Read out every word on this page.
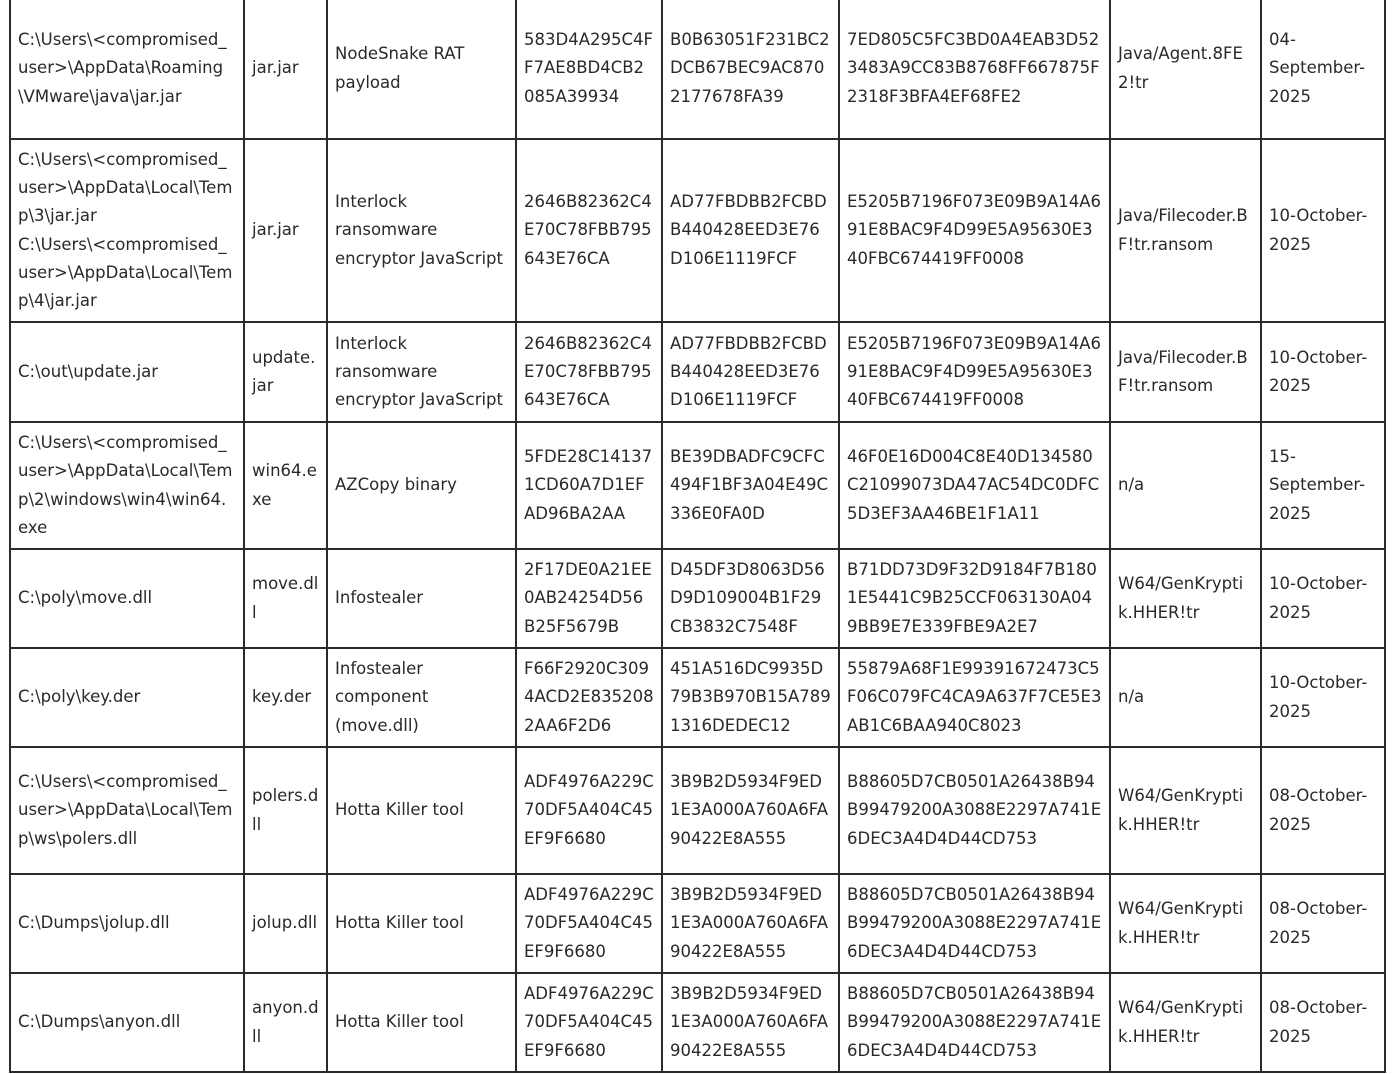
C:\Users\<compromised_user>\AppData\Roaming\VMware\java\jar.jar	jar.jar	NodeSnake RAT payload	583D4A295C4FF7AE8BD4CB2085A39934	B0B63051F231BC2DCB67BEC9AC8702177678FA39	7ED805C5FC3BD0A4EAB3D523483A9CC83B8768FF667875F2318F3BFA4EF68FE2	Java/Agent.8FE2!tr	04-September-2025

C:\Users\<compromised_user>\AppData\Local\Temp\3\jar.jar
C:\Users\<compromised_user>\AppData\Local\Temp\4\jar.jar	jar.jar	Interlock ransomware encryptor JavaScript	2646B82362C4E70C78FBB795643E76CA	AD77FBDBB2FCBDB440428EED3E76D106E1119FCF	E5205B7196F073E09B9A14A691E8BAC9F4D99E5A95630E340FBC674419FF0008	Java/Filecoder.BF!tr.ransom	10-October-2025

C:\out\update.jar	update.jar	Interlock ransomware encryptor JavaScript	2646B82362C4E70C78FBB795643E76CA	AD77FBDBB2FCBDB440428EED3E76D106E1119FCF	E5205B7196F073E09B9A14A691E8BAC9F4D99E5A95630E340FBC674419FF0008	Java/Filecoder.BF!tr.ransom	10-October-2025

C:\Users\<compromised_user>\AppData\Local\Temp\2\windows\win4\win64.exe	win64.exe	AZCopy binary	5FDE28C141371CD60A7D1EFAD96BA2AA	BE39DBADFC9CFC494F1BF3A04E49C336E0FA0D	46F0E16D004C8E40D134580C21099073DA47AC54DC0DFC5D3EF3AA46BE1F1A11	n/a	15-September-2025

C:\poly\move.dll	move.dll	Infostealer	2F17DE0A21EE0AB24254D56B25F5679B	D45DF3D8063D56D9D109004B1F29CB3832C7548F	B71DD73D9F32D9184F7B1801E5441C9B25CCF063130A049BB9E7E339FBE9A2E7	W64/GenKryptik.HHER!tr	10-October-2025

C:\poly\key.der	key.der	Infostealer component (move.dll)	F66F2920C3094ACD2E8352082AA6F2D6	451A516DC9935D79B3B970B15A7891316DEDEC12	55879A68F1E99391672473C5F06C079FC4CA9A637F7CE5E3AB1C6BAA940C8023	n/a	10-October-2025

C:\Users\<compromised_user>\AppData\Local\Temp\ws\polers.dll	polers.dll	Hotta Killer tool	ADF4976A229C70DF5A404C45EF9F6680	3B9B2D5934F9ED1E3A000A760A6FA90422E8A555	B88605D7CB0501A26438B94B99479200A3088E2297A741E6DEC3A4D4D44CD753	W64/GenKryptik.HHER!tr	08-October-2025

C:\Dumps\jolup.dll	jolup.dll	Hotta Killer tool	ADF4976A229C70DF5A404C45EF9F6680	3B9B2D5934F9ED1E3A000A760A6FA90422E8A555	B88605D7CB0501A26438B94B99479200A3088E2297A741E6DEC3A4D4D44CD753	W64/GenKryptik.HHER!tr	08-October-2025

C:\Dumps\anyon.dll	anyon.dll	Hotta Killer tool	ADF4976A229C70DF5A404C45EF9F6680	3B9B2D5934F9ED1E3A000A760A6FA90422E8A555	B88605D7CB0501A26438B94B99479200A3088E2297A741E6DEC3A4D4D44CD753	W64/GenKryptik.HHER!tr	08-October-2025
